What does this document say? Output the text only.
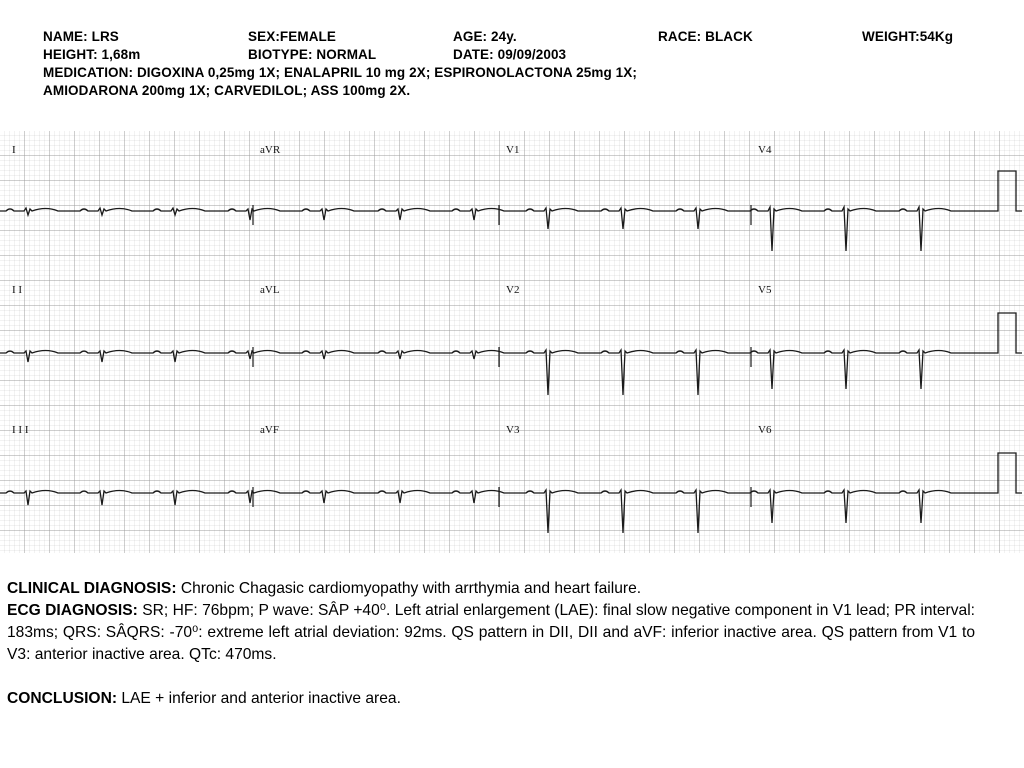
NAME: LRS	SEX:FEMALE	AGE: 24y.	RACE: BLACK	WEIGHT:54Kg
HEIGHT: 1,68m	BIOTYPE: NORMAL	DATE: 09/09/2003
MEDICATION: DIGOXINA 0,25mg 1X; ENALAPRIL 10 mg 2X; ESPIRONOLACTONA 25mg 1X;
AMIODARONA 200mg 1X; CARVEDILOL; ASS 100mg 2X.
I	aVR	V1	V4
I I	aVL	V2	V5
I I I	aVF	V3	V6

CLINICAL DIAGNOSIS: Chronic Chagasic cardiomyopathy with arrthymia and heart failure.

ECG DIAGNOSIS: SR; HF: 76bpm; P wave: SÂP +40⁰. Left atrial enlargement (LAE): final slow negative component in V1 lead; PR interval: 183ms; QRS: SÂQRS: -70⁰: extreme left atrial deviation: 92ms. QS pattern in DII, DII and aVF: inferior inactive area. QS pattern from V1 to V3: anterior inactive area. QTc: 470ms.

CONCLUSION: LAE + inferior and anterior inactive area.
